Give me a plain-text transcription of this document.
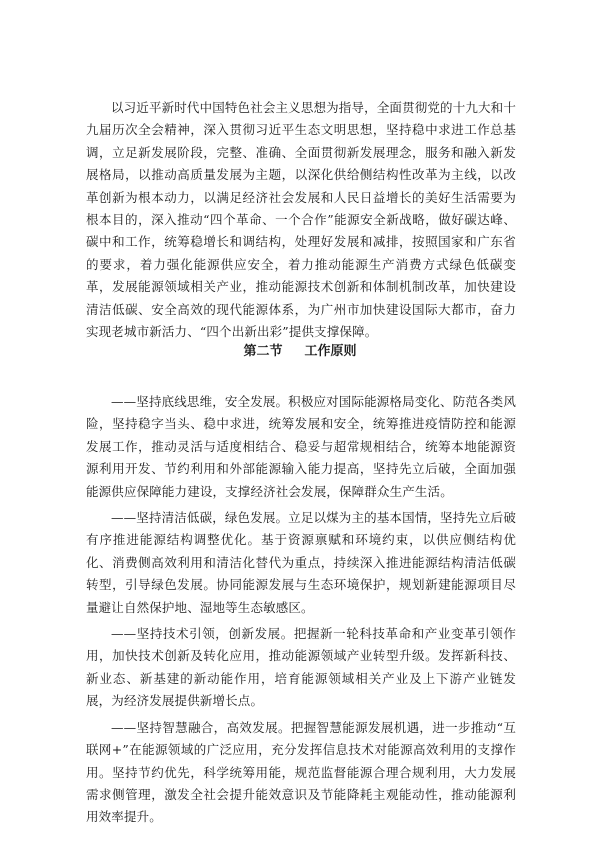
以习近平新时代中国特色社会主义思想为指导，全面贯彻党的十九大和十九届历次全会精神，深入贯彻习近平生态文明思想，坚持稳中求进工作总基调，立足新发展阶段，完整、准确、全面贯彻新发展理念，服务和融入新发展格局，以推动高质量发展为主题，以深化供给侧结构性改革为主线，以改革创新为根本动力，以满足经济社会发展和人民日益增长的美好生活需要为根本目的，深入推动“四个革命、一个合作”能源安全新战略，做好碳达峰、碳中和工作，统筹稳增长和调结构，处理好发展和减排，按照国家和广东省的要求，着力强化能源供应安全，着力推动能源生产消费方式绿色低碳变革，发展能源领域相关产业，推动能源技术创新和体制机制改革，加快建设清洁低碳、安全高效的现代能源体系，为广州市加快建设国际大都市，奋力实现老城市新活力、“四个出新出彩”提供支撑保障。

第二节 工作原则

——坚持底线思维，安全发展。积极应对国际能源格局变化、防范各类风险，坚持稳字当头、稳中求进，统筹发展和安全，统筹推进疫情防控和能源发展工作，推动灵活与适度相结合、稳妥与超常规相结合，统筹本地能源资源利用开发、节约利用和外部能源输入能力提高，坚持先立后破，全面加强能源供应保障能力建设，支撑经济社会发展，保障群众生产生活。

——坚持清洁低碳，绿色发展。立足以煤为主的基本国情，坚持先立后破有序推进能源结构调整优化。基于资源禀赋和环境约束，以供应侧结构优化、消费侧高效利用和清洁化替代为重点，持续深入推进能源结构清洁低碳转型，引导绿色发展。协同能源发展与生态环境保护，规划新建能源项目尽量避让自然保护地、湿地等生态敏感区。

——坚持技术引领，创新发展。把握新一轮科技革命和产业变革引领作用，加快技术创新及转化应用，推动能源领域产业转型升级。发挥新科技、新业态、新基建的新动能作用，培育能源领域相关产业及上下游产业链发展，为经济发展提供新增长点。

——坚持智慧融合，高效发展。把握智慧能源发展机遇，进一步推动“互联网+”在能源领域的广泛应用，充分发挥信息技术对能源高效利用的支撑作用。坚持节约优先，科学统筹用能，规范监督能源合理合规利用，大力发展需求侧管理，激发全社会提升能效意识及节能降耗主观能动性，推动能源利用效率提升。
